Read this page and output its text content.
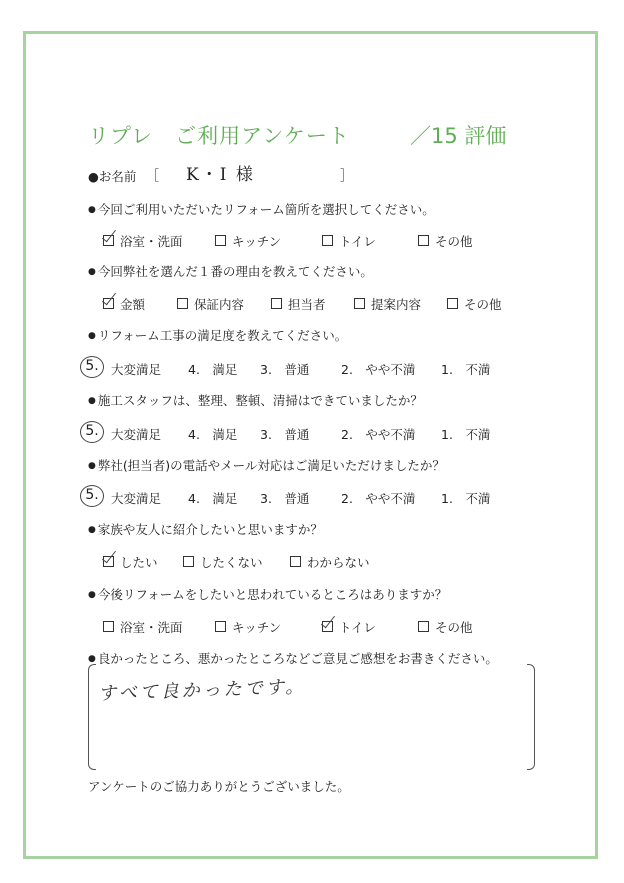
リプレ　ご利用アンケート	／15 評価
●お名前 ［ K・I 様	］
● 今回ご利用いただいたリフォーム箇所を選択してください。
浴室・洗面	キッチン	トイレ	その他
● 今回弊社を選んだ１番の理由を教えてください。
金額	保証内容	担当者	提案内容	その他
● リフォーム工事の満足度を教えてください。
5. 大変満足 4.　満足 3.　普通	2.　やや不満 1.　不満
● 施工スタッフは、整理、整頓、清掃はできていましたか？
5. 大変満足 4.　満足 3.　普通	2.　やや不満 1.　不満
● 弊社(担当者)の電話やメール対応はご満足いただけましたか？
5. 大変満足 4.　満足 3.　普通	2.　やや不満 1.　不満
● 家族や友人に紹介したいと思いますか？
したい	したくない	わからない
● 今後リフォームをしたいと思われているところはありますか？
浴室・洗面	キッチン	トイレ	その他
● 良かったところ、悪かったところなどご意見ご感想をお書きください。
すべて良かったです。
アンケートのご協力ありがとうございました。
